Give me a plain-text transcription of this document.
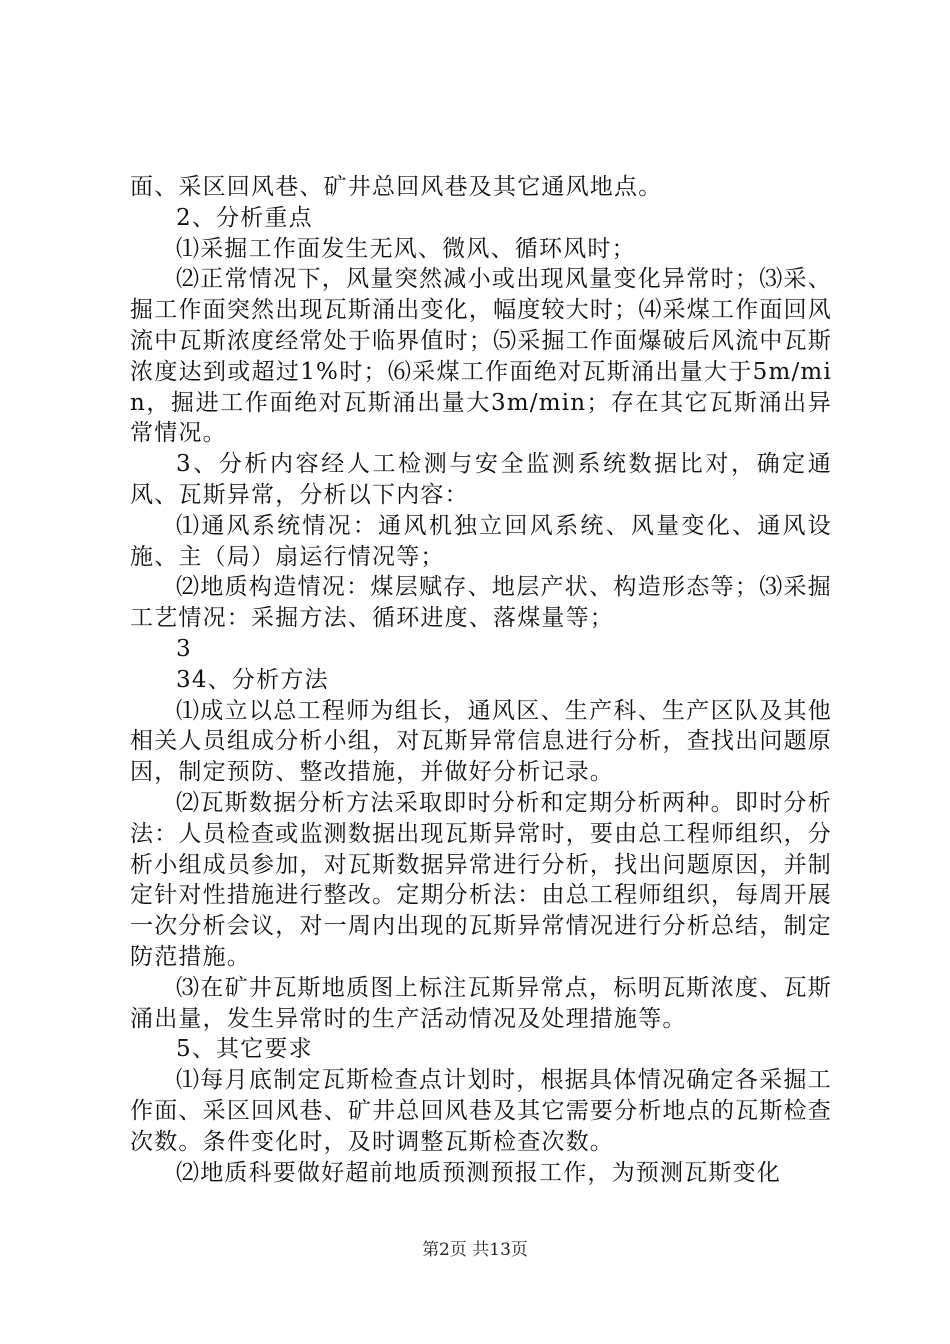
面、采区回风巷、矿井总回风巷及其它通风地点。

2、分析重点

⑴采掘工作面发生无风、微风、循环风时；

⑵正常情况下，风量突然减小或出现风量变化异常时；⑶采、掘工作面突然出现瓦斯涌出变化，幅度较大时；⑷采煤工作面回风流中瓦斯浓度经常处于临界值时；⑸采掘工作面爆破后风流中瓦斯浓度达到或超过1%时；⑹采煤工作面绝对瓦斯涌出量大于5m/min，掘进工作面绝对瓦斯涌出量大3m/min；存在其它瓦斯涌出异常情况。

3、分析内容经人工检测与安全监测系统数据比对，确定通风、瓦斯异常，分析以下内容：

⑴通风系统情况：通风机独立回风系统、风量变化、通风设施、主（局）扇运行情况等；

⑵地质构造情况：煤层赋存、地层产状、构造形态等；⑶采掘工艺情况：采掘方法、循环进度、落煤量等；

3

34、分析方法

⑴成立以总工程师为组长，通风区、生产科、生产区队及其他相关人员组成分析小组，对瓦斯异常信息进行分析，查找出问题原因，制定预防、整改措施，并做好分析记录。

⑵瓦斯数据分析方法采取即时分析和定期分析两种。即时分析法：人员检查或监测数据出现瓦斯异常时，要由总工程师组织，分析小组成员参加，对瓦斯数据异常进行分析，找出问题原因，并制定针对性措施进行整改。定期分析法：由总工程师组织，每周开展一次分析会议，对一周内出现的瓦斯异常情况进行分析总结，制定防范措施。

⑶在矿井瓦斯地质图上标注瓦斯异常点，标明瓦斯浓度、瓦斯涌出量，发生异常时的生产活动情况及处理措施等。

5、其它要求

⑴每月底制定瓦斯检查点计划时，根据具体情况确定各采掘工作面、采区回风巷、矿井总回风巷及其它需要分析地点的瓦斯检查次数。条件变化时，及时调整瓦斯检查次数。

⑵地质科要做好超前地质预测预报工作，为预测瓦斯变化

第2页 共13页
